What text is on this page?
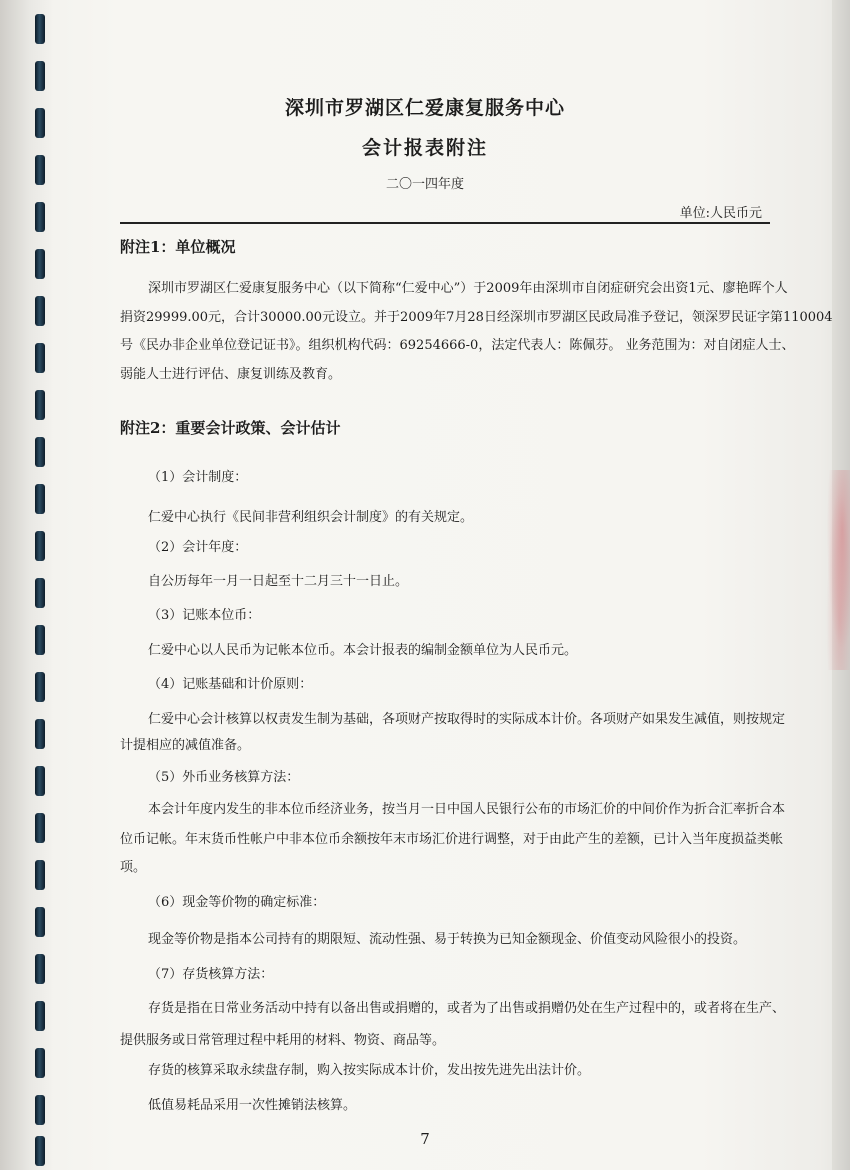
深圳市罗湖区仁爱康复服务中心
会计报表附注
二〇一四年度
单位:人民币元
附注1：单位概况
深圳市罗湖区仁爱康复服务中心（以下简称“仁爱中心”）于2009年由深圳市自闭症研究会出资1元、廖艳晖个人
捐资29999.00元，合计30000.00元设立。并于2009年7月28日经深圳市罗湖区民政局准予登记，领深罗民证字第110004
号《民办非企业单位登记证书》。组织机构代码：69254666-0，法定代表人：陈佩芬。 业务范围为：对自闭症人士、
弱能人士进行评估、康复训练及教育。
附注2：重要会计政策、会计估计
（1）会计制度：
仁爱中心执行《民间非营利组织会计制度》的有关规定。
（2）会计年度：
自公历每年一月一日起至十二月三十一日止。
（3）记账本位币：
仁爱中心以人民币为记帐本位币。本会计报表的编制金额单位为人民币元。
（4）记账基础和计价原则：
仁爱中心会计核算以权责发生制为基础，各项财产按取得时的实际成本计价。各项财产如果发生减值，则按规定
计提相应的减值准备。
（5）外币业务核算方法：
本会计年度内发生的非本位币经济业务，按当月一日中国人民银行公布的市场汇价的中间价作为折合汇率折合本
位币记帐。年末货币性帐户中非本位币余额按年末市场汇价进行调整，对于由此产生的差额，已计入当年度损益类帐
项。
（6）现金等价物的确定标准：
现金等价物是指本公司持有的期限短、流动性强、易于转换为已知金额现金、价值变动风险很小的投资。
（7）存货核算方法：
存货是指在日常业务活动中持有以备出售或捐赠的，或者为了出售或捐赠仍处在生产过程中的，或者将在生产、
提供服务或日常管理过程中耗用的材料、物资、商品等。
存货的核算采取永续盘存制，购入按实际成本计价，发出按先进先出法计价。
低值易耗品采用一次性摊销法核算。
7
